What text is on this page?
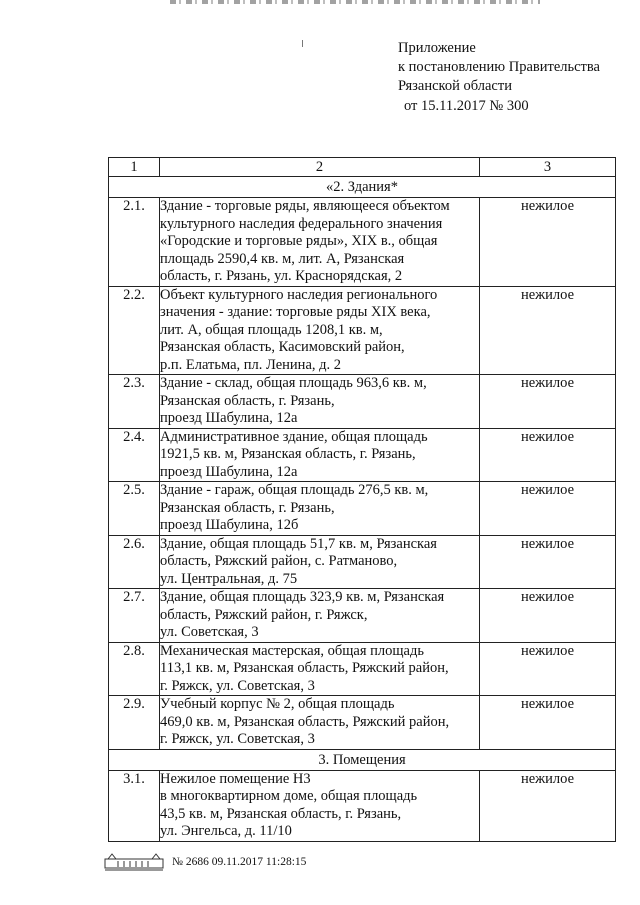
Приложение
к постановлению Правительства
Рязанской области
от 15.11.2017 № 300
1	2	3
«2. Здания*		
2.1.	Здание - торговые ряды, являющееся объектом
культурного наследия федерального значения
«Городские и торговые ряды», XIX в., общая
площадь 2590,4 кв. м, лит. А, Рязанская
область, г. Рязань, ул. Краснорядская, 2	нежилое
2.2.	Объект культурного наследия регионального
значения - здание: торговые ряды XIX века,
лит. А, общая площадь 1208,1 кв. м,
Рязанская область, Касимовский район,
р.п. Елатьма, пл. Ленина, д. 2	нежилое
2.3.	Здание - склад, общая площадь 963,6 кв. м,
Рязанская область, г. Рязань,
проезд Шабулина, 12а	нежилое
2.4.	Административное здание, общая площадь
1921,5 кв. м, Рязанская область, г. Рязань,
проезд Шабулина, 12а	нежилое
2.5.	Здание - гараж, общая площадь 276,5 кв. м,
Рязанская область, г. Рязань,
проезд Шабулина, 12б	нежилое
2.6.	Здание, общая площадь 51,7 кв. м, Рязанская
область, Ряжский район, с. Ратманово,
ул. Центральная, д. 75	нежилое
2.7.	Здание, общая площадь 323,9 кв. м, Рязанская
область, Ряжский район, г. Ряжск,
ул. Советская, 3	нежилое
2.8.	Механическая мастерская, общая площадь
113,1 кв. м, Рязанская область, Ряжский район,
г. Ряжск, ул. Советская, 3	нежилое
2.9.	Учебный корпус № 2, общая площадь
469,0 кв. м, Рязанская область, Ряжский район,
г. Ряжск, ул. Советская, 3	нежилое
3. Помещения		
3.1.	Нежилое помещение Н3
в многоквартирном доме, общая площадь
43,5 кв. м, Рязанская область, г. Рязань,
ул. Энгельса, д. 11/10	нежилое
№ 2686 09.11.2017 11:28:15
